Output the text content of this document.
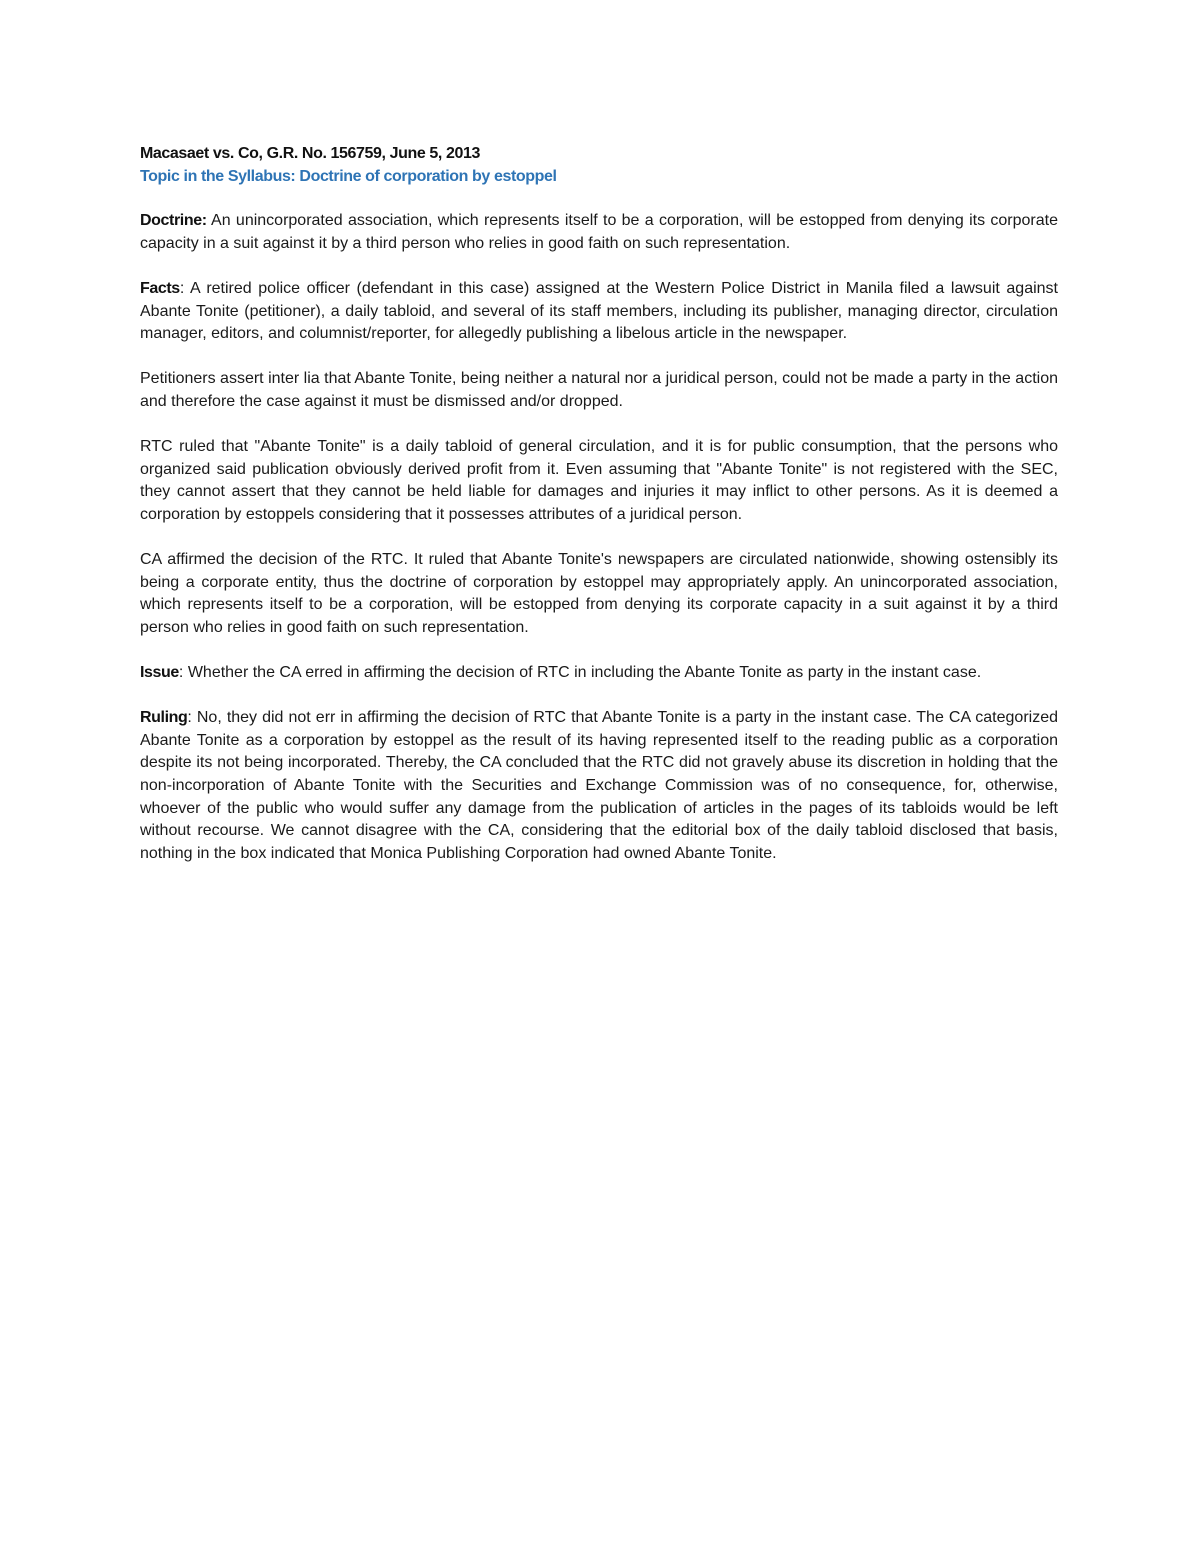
Macasaet vs. Co, G.R. No. 156759, June 5, 2013
Topic in the Syllabus: Doctrine of corporation by estoppel

Doctrine: An unincorporated association, which represents itself to be a corporation, will be estopped from denying its corporate capacity in a suit against it by a third person who relies in good faith on such representation.

Facts: A retired police officer (defendant in this case) assigned at the Western Police District in Manila filed a lawsuit against Abante Tonite (petitioner), a daily tabloid, and several of its staff members, including its publisher, managing director, circulation manager, editors, and columnist/reporter, for allegedly publishing a libelous article in the newspaper.

Petitioners assert inter lia that Abante Tonite, being neither a natural nor a juridical person, could not be made a party in the action and therefore the case against it must be dismissed and/or dropped.

RTC ruled that "Abante Tonite" is a daily tabloid of general circulation, and it is for public consumption, that the persons who organized said publication obviously derived profit from it. Even assuming that "Abante Tonite" is not registered with the SEC, they cannot assert that they cannot be held liable for damages and injuries it may inflict to other persons. As it is deemed a corporation by estoppels considering that it possesses attributes of a juridical person.

CA affirmed the decision of the RTC. It ruled that Abante Tonite's newspapers are circulated nationwide, showing ostensibly its being a corporate entity, thus the doctrine of corporation by estoppel may appropriately apply. An unincorporated association, which represents itself to be a corporation, will be estopped from denying its corporate capacity in a suit against it by a third person who relies in good faith on such representation.

Issue: Whether the CA erred in affirming the decision of RTC in including the Abante Tonite as party in the instant case.

Ruling: No, they did not err in affirming the decision of RTC that Abante Tonite is a party in the instant case. The CA categorized Abante Tonite as a corporation by estoppel as the result of its having represented itself to the reading public as a corporation despite its not being incorporated. Thereby, the CA concluded that the RTC did not gravely abuse its discretion in holding that the non-incorporation of Abante Tonite with the Securities and Exchange Commission was of no consequence, for, otherwise, whoever of the public who would suffer any damage from the publication of articles in the pages of its tabloids would be left without recourse. We cannot disagree with the CA, considering that the editorial box of the daily tabloid disclosed that basis, nothing in the box indicated that Monica Publishing Corporation had owned Abante Tonite.
